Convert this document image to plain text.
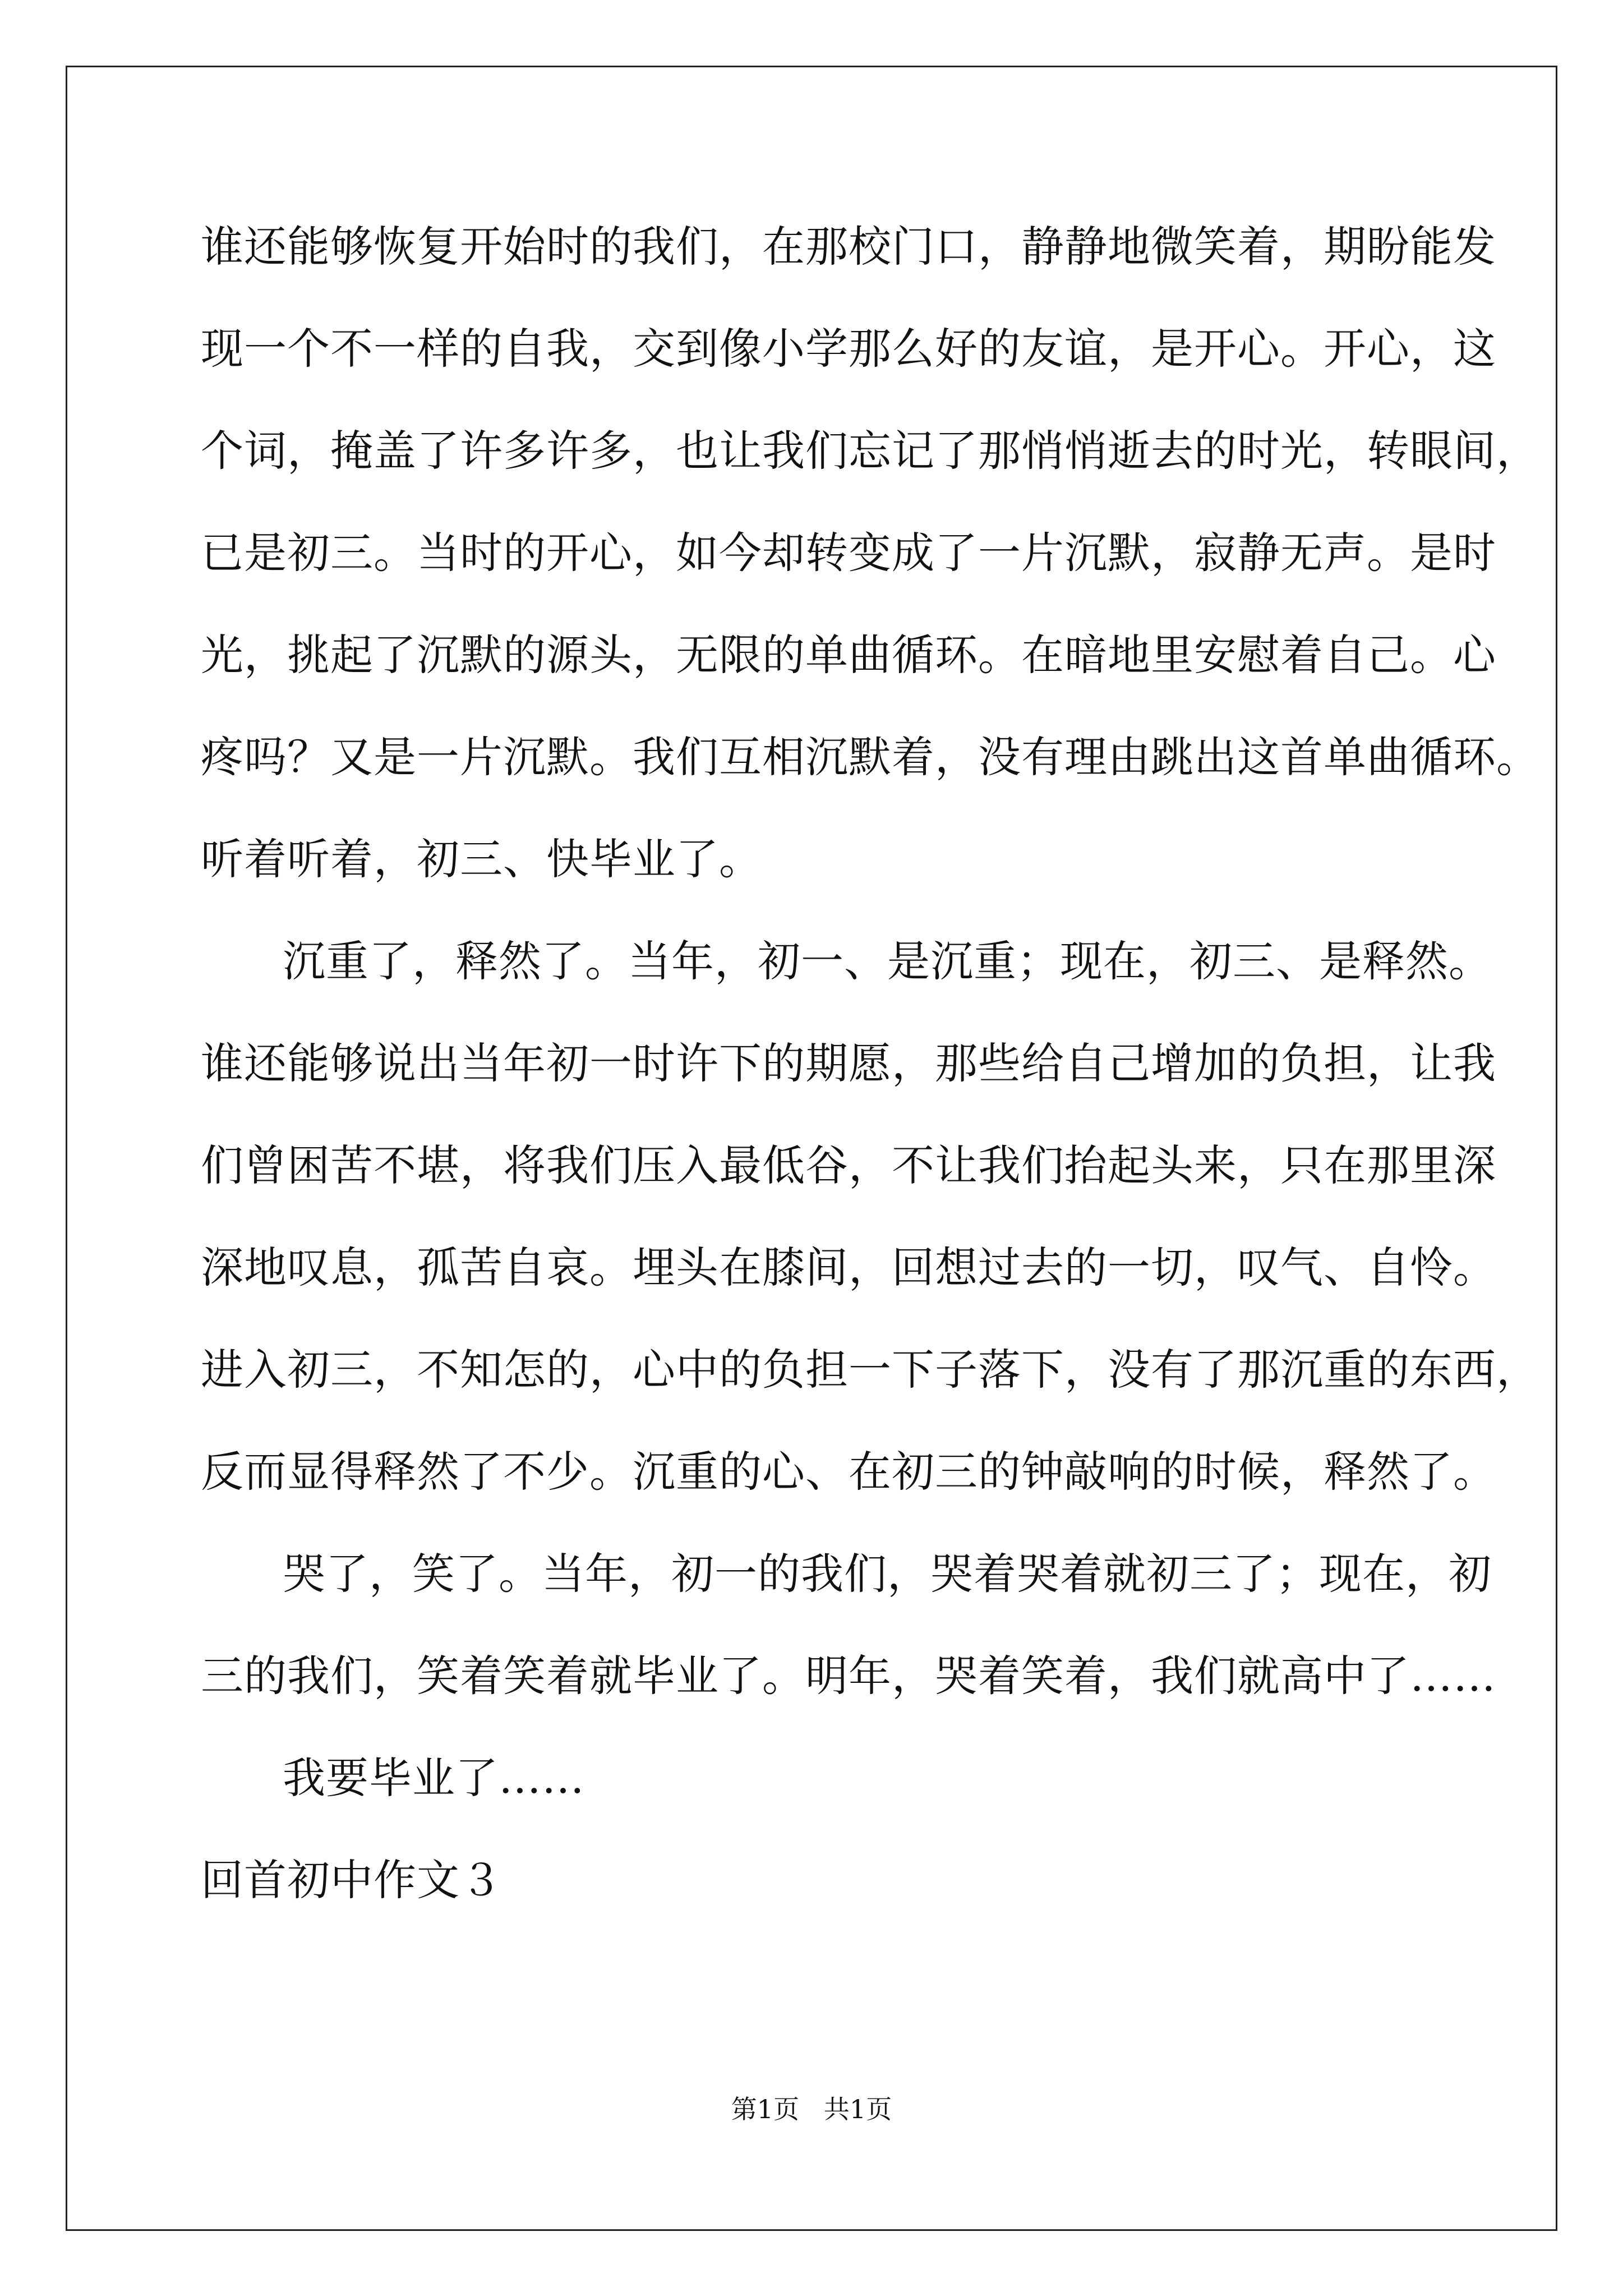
谁还能够恢复开始时的我们，在那校门口，静静地微笑着，期盼能发
现一个不一样的自我，交到像小学那么好的友谊，是开心。开心，这
个词，掩盖了许多许多，也让我们忘记了那悄悄逝去的时光，转眼间，
已是初三。当时的开心，如今却转变成了一片沉默，寂静无声。是时
光，挑起了沉默的源头，无限的单曲循环。在暗地里安慰着自己。心
疼吗？又是一片沉默。我们互相沉默着，没有理由跳出这首单曲循环。
听着听着，初三、快毕业了。
沉重了，释然了。当年，初一、是沉重；现在，初三、是释然。
谁还能够说出当年初一时许下的期愿，那些给自己增加的负担，让我
们曾困苦不堪，将我们压入最低谷，不让我们抬起头来，只在那里深
深地叹息，孤苦自哀。埋头在膝间，回想过去的一切，叹气、自怜。
进入初三，不知怎的，心中的负担一下子落下，没有了那沉重的东西，
反而显得释然了不少。沉重的心、在初三的钟敲响的时候，释然了。
哭了，笑了。当年，初一的我们，哭着哭着就初三了；现在，初
三的我们，笑着笑着就毕业了。明年，哭着笑着，我们就高中了……
我要毕业了……
回首初中作文３
第1页   共1页
